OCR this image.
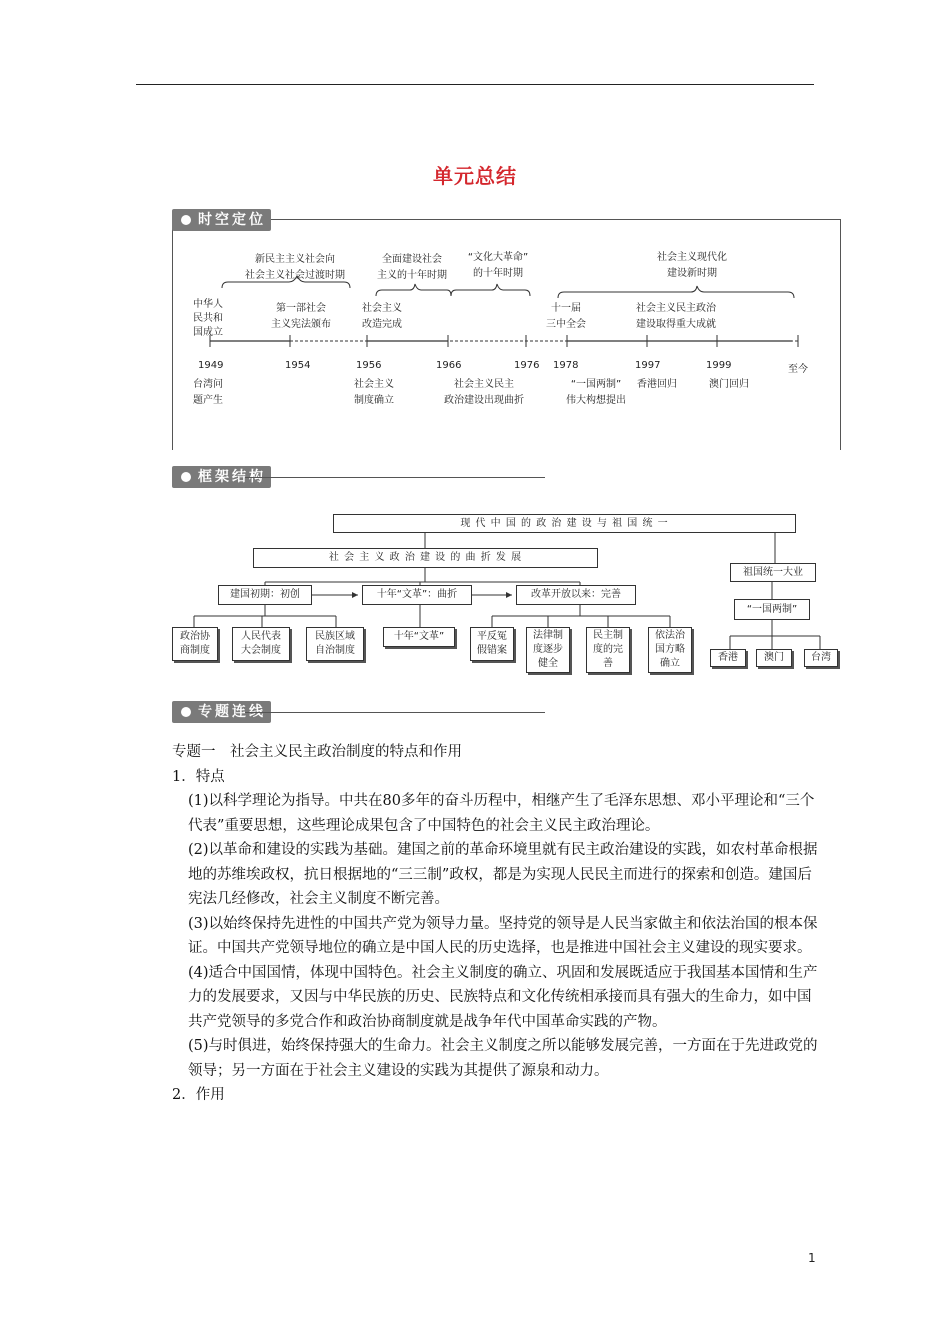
单元总结
时空定位
新民主主义社会向
社会主义社会过渡时期
全面建设社会
主义的十年时期
“文化大革命”
的十年时期
社会主义现代化
建设新时期
中华人
民共和
国成立
第一部社会
主义宪法颁布
社会主义
改造完成
十一届
三中全会
社会主义民主政治
建设取得重大成就
1949	1954	1956	1966	1976 1978	1997	1999	至今
台湾问
题产生
社会主义
制度确立
社会主义民主
政治建设出现曲折
“一国两制”
伟大构想提出
香港回归	澳门回归
框架结构
现 代 中 国 的 政 治 建 设 与 祖 国 统 一
社 会 主 义 政 治 建 设 的 曲 折 发 展
建国初期：初创	十年“文革”：曲折	改革开放以来：完善
政治协
商制度
人民代表
大会制度
民族区域
自治制度
十年“文革”	平反冤
假错案
法律制
度逐步
健全
民主制
度的完
善
依法治
国方略
确立
祖国统一大业
“一国两制”
香港	澳门	台湾
专题连线

专题一　社会主义民主政治制度的特点和作用

1．特点

(1)以科学理论为指导。中共在80多年的奋斗历程中，相继产生了毛泽东思想、邓小平理论和“三个代表”重要思想，这些理论成果包含了中国特色的社会主义民主政治理论。

(2)以革命和建设的实践为基础。建国之前的革命环境里就有民主政治建设的实践，如农村革命根据地的苏维埃政权，抗日根据地的“三三制”政权，都是为实现人民民主而进行的探索和创造。建国后宪法几经修改，社会主义制度不断完善。

(3)以始终保持先进性的中国共产党为领导力量。坚持党的领导是人民当家做主和依法治国的根本保证。中国共产党领导地位的确立是中国人民的历史选择，也是推进中国社会主义建设的现实要求。

(4)适合中国国情，体现中国特色。社会主义制度的确立、巩固和发展既适应于我国基本国情和生产力的发展要求，又因与中华民族的历史、民族特点和文化传统相承接而具有强大的生命力，如中国共产党领导的多党合作和政治协商制度就是战争年代中国革命实践的产物。

(5)与时俱进，始终保持强大的生命力。社会主义制度之所以能够发展完善，一方面在于先进政党的领导；另一方面在于社会主义建设的实践为其提供了源泉和动力。

2．作用

1
